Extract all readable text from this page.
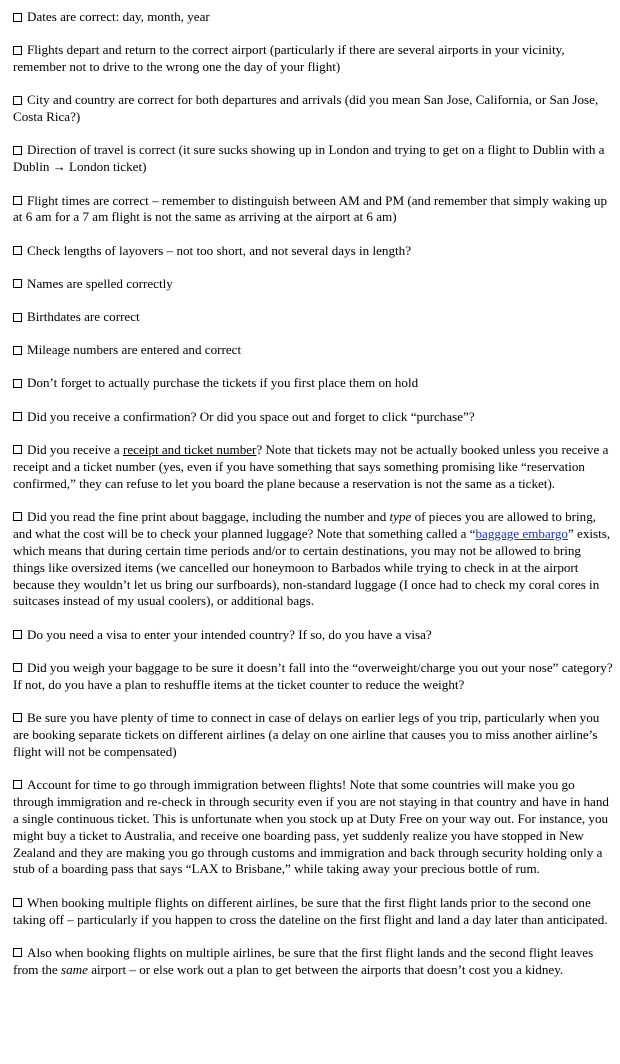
Dates are correct: day, month, year
Flights depart and return to the correct airport (particularly if there are several airports in your vicinity, remember not to drive to the wrong one the day of your flight)
City and country are correct for both departures and arrivals (did you mean San Jose, California, or San Jose, Costa Rica?)
Direction of travel is correct (it sure sucks showing up in London and trying to get on a flight to Dublin with a Dublin → London ticket)
Flight times are correct – remember to distinguish between AM and PM (and remember that simply waking up at 6 am for a 7 am flight is not the same as arriving at the airport at 6 am)
Check lengths of layovers – not too short, and not several days in length?
Names are spelled correctly
Birthdates are correct
Mileage numbers are entered and correct
Don’t forget to actually purchase the tickets if you first place them on hold
Did you receive a confirmation? Or did you space out and forget to click “purchase”?
Did you receive a receipt and ticket number? Note that tickets may not be actually booked unless you receive a receipt and a ticket number (yes, even if you have something that says something promising like “reservation confirmed,” they can refuse to let you board the plane because a reservation is not the same as a ticket).
Did you read the fine print about baggage, including the number and type of pieces you are allowed to bring, and what the cost will be to check your planned luggage? Note that something called a “baggage embargo” exists, which means that during certain time periods and/or to certain destinations, you may not be allowed to bring things like oversized items (we cancelled our honeymoon to Barbados while trying to check in at the airport because they wouldn’t let us bring our surfboards), non-standard luggage (I once had to check my coral cores in suitcases instead of my usual coolers), or additional bags.
Do you need a visa to enter your intended country? If so, do you have a visa?
Did you weigh your baggage to be sure it doesn’t fall into the “overweight/charge you out your nose” category? If not, do you have a plan to reshuffle items at the ticket counter to reduce the weight?
Be sure you have plenty of time to connect in case of delays on earlier legs of you trip, particularly when you are booking separate tickets on different airlines (a delay on one airline that causes you to miss another airline’s flight will not be compensated)
Account for time to go through immigration between flights! Note that some countries will make you go through immigration and re-check in through security even if you are not staying in that country and have in hand a single continuous ticket. This is unfortunate when you stock up at Duty Free on your way out. For instance, you might buy a ticket to Australia, and receive one boarding pass, yet suddenly realize you have stopped in New Zealand and they are making you go through customs and immigration and back through security holding only a stub of a boarding pass that says “LAX to Brisbane,” while taking away your precious bottle of rum.
When booking multiple flights on different airlines, be sure that the first flight lands prior to the second one taking off – particularly if you happen to cross the dateline on the first flight and land a day later than anticipated.
Also when booking flights on multiple airlines, be sure that the first flight lands and the second flight leaves from the same airport – or else work out a plan to get between the airports that doesn’t cost you a kidney.
